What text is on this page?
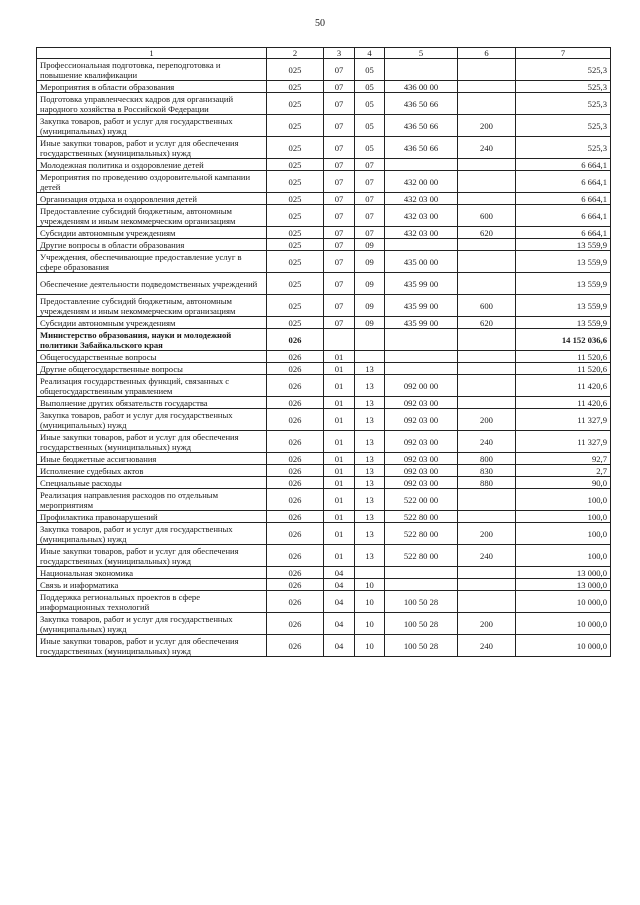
50
1	2	3	4	5	6	7
Профессиональная подготовка, переподготовка и повышение квалификации	025	07	05			525,3
Мероприятия в области образования	025	07	05	436 00 00		525,3
Подготовка управленческих кадров для организаций народного хозяйства в Российской Федерации	025	07	05	436 50 66		525,3
Закупка товаров, работ и услуг для государственных (муниципальных) нужд	025	07	05	436 50 66	200	525,3
Иные закупки товаров, работ и услуг для обеспечения государственных (муниципальных) нужд	025	07	05	436 50 66	240	525,3
Молодежная политика и оздоровление детей	025	07	07			6 664,1
Мероприятия по проведению оздоровительной кампании детей	025	07	07	432 00 00		6 664,1
Организация отдыха и оздоровления детей	025	07	07	432 03 00		6 664,1
Предоставление субсидий бюджетным, автономным учреждениям и иным некоммерческим организациям	025	07	07	432 03 00	600	6 664,1
Субсидии автономным учреждениям	025	07	07	432 03 00	620	6 664,1
Другие вопросы в области образования	025	07	09			13 559,9
Учреждения, обеспечивающие предоставление услуг в сфере образования	025	07	09	435 00 00		13 559,9
Обеспечение деятельности подведомственных учреждений	025	07	09	435 99 00		13 559,9
Предоставление субсидий бюджетным, автономным учреждениям и иным некоммерческим организациям	025	07	09	435 99 00	600	13 559,9
Субсидии автономным учреждениям	025	07	09	435 99 00	620	13 559,9
Министерство образования, науки и молодежной политики Забайкальского края	026					14 152 036,6
Общегосударственные вопросы	026	01				11 520,6
Другие общегосударственные вопросы	026	01	13			11 520,6
Реализация государственных функций, связанных с общегосударственным управлением	026	01	13	092 00 00		11 420,6
Выполнение других обязательств государства	026	01	13	092 03 00		11 420,6
Закупка товаров, работ и услуг для государственных (муниципальных) нужд	026	01	13	092 03 00	200	11 327,9
Иные закупки товаров, работ и услуг для обеспечения государственных (муниципальных) нужд	026	01	13	092 03 00	240	11 327,9
Иные бюджетные ассигнования	026	01	13	092 03 00	800	92,7
Исполнение судебных актов	026	01	13	092 03 00	830	2,7
Специальные расходы	026	01	13	092 03 00	880	90,0
Реализация направления расходов по отдельным мероприятиям	026	01	13	522 00 00		100,0
Профилактика правонарушений	026	01	13	522 80 00		100,0
Закупка товаров, работ и услуг для государственных (муниципальных) нужд	026	01	13	522 80 00	200	100,0
Иные закупки товаров, работ и услуг для обеспечения государственных (муниципальных) нужд	026	01	13	522 80 00	240	100,0
Национальная экономика	026	04				13 000,0
Связь и информатика	026	04	10			13 000,0
Поддержка региональных проектов в сфере информационных технологий	026	04	10	100 50 28		10 000,0
Закупка товаров, работ и услуг для государственных (муниципальных) нужд	026	04	10	100 50 28	200	10 000,0
Иные закупки товаров, работ и услуг для обеспечения государственных (муниципальных) нужд	026	04	10	100 50 28	240	10 000,0
